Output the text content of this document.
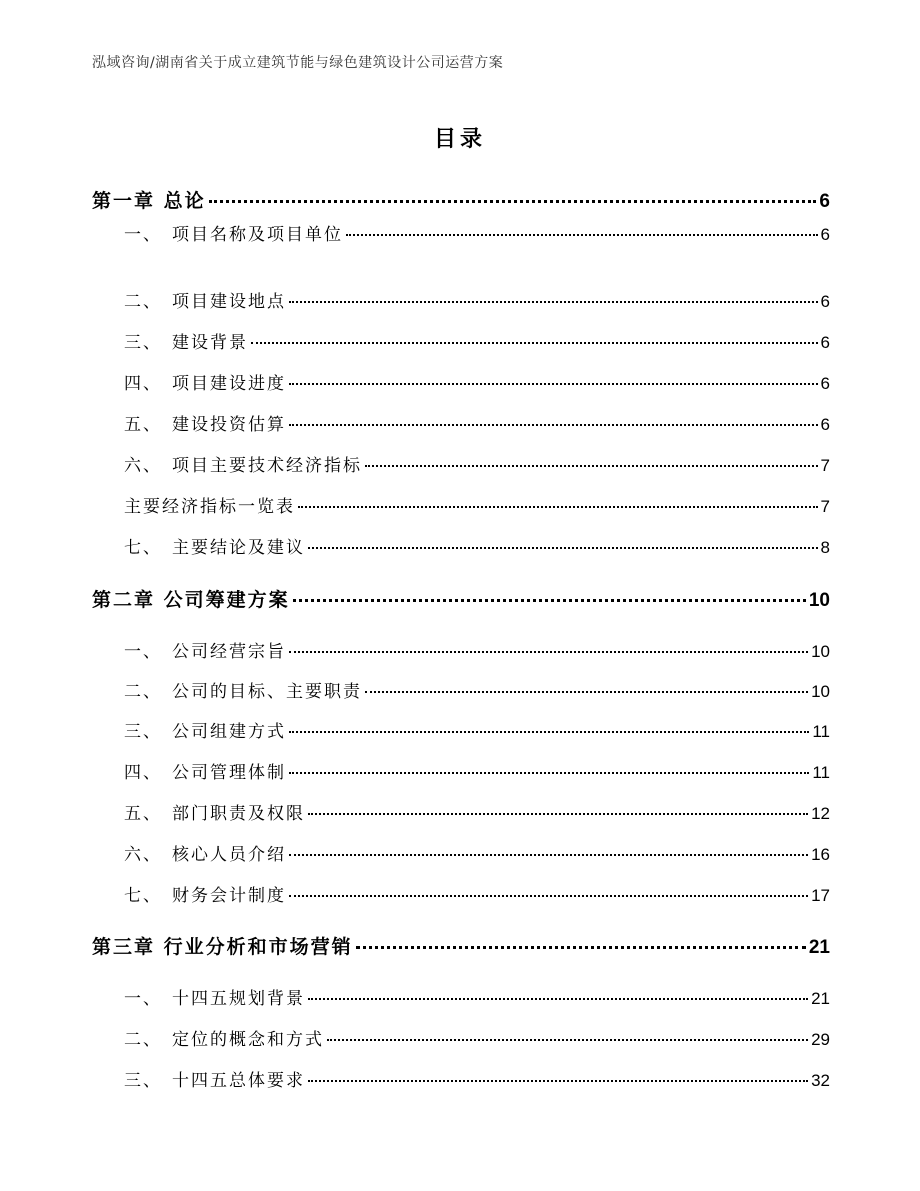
泓域咨询/湖南省关于成立建筑节能与绿色建筑设计公司运营方案
目录
第一章 总论	6
一、 项目名称及项目单位	6
二、 项目建设地点	6
三、 建设背景	6
四、 项目建设进度	6
五、 建设投资估算	6
六、 项目主要技术经济指标	7
主要经济指标一览表	7
七、 主要结论及建议	8
第二章 公司筹建方案	10
一、 公司经营宗旨	10
二、 公司的目标、主要职责	10
三、 公司组建方式	11
四、 公司管理体制	11
五、 部门职责及权限	12
六、 核心人员介绍	16
七、 财务会计制度	17
第三章 行业分析和市场营销	21
一、 十四五规划背景	21
二、 定位的概念和方式	29
三、 十四五总体要求	32
